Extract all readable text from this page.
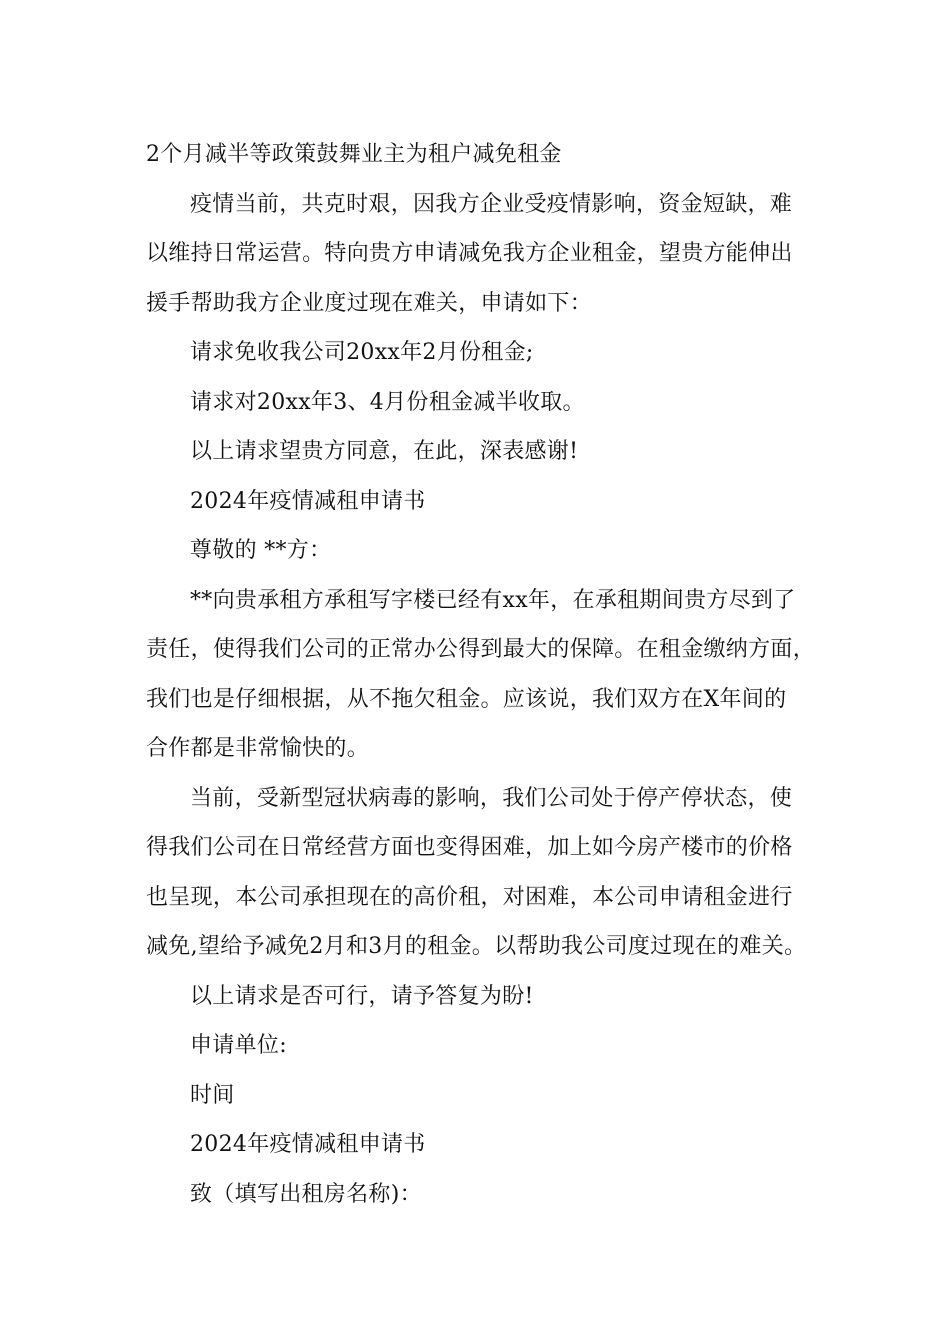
2个月减半等政策鼓舞业主为租户减免租金
疫情当前，共克时艰，因我方企业受疫情影响，资金短缺，难
以维持日常运营。特向贵方申请减免我方企业租金，望贵方能伸出
援手帮助我方企业度过现在难关，申请如下：
请求免收我公司20xx年2月份租金;
请求对20xx年3、4月份租金减半收取。
以上请求望贵方同意，在此，深表感谢!
2024年疫情减租申请书
尊敬的 **方：
**向贵承租方承租写字楼已经有xx年，在承租期间贵方尽到了
责任，使得我们公司的正常办公得到最大的保障。在租金缴纳方面，
我们也是仔细根据，从不拖欠租金。应该说，我们双方在X年间的
合作都是非常愉快的。
当前，受新型冠状病毒的影响，我们公司处于停产停状态，使
得我们公司在日常经营方面也变得困难，加上如今房产楼市的价格
也呈现，本公司承担现在的高价租，对困难，本公司申请租金进行
减免,望给予减免2月和3月的租金。以帮助我公司度过现在的难关。
以上请求是否可行，请予答复为盼!
申请单位:
时间
2024年疫情减租申请书
致（填写出租房名称)：
